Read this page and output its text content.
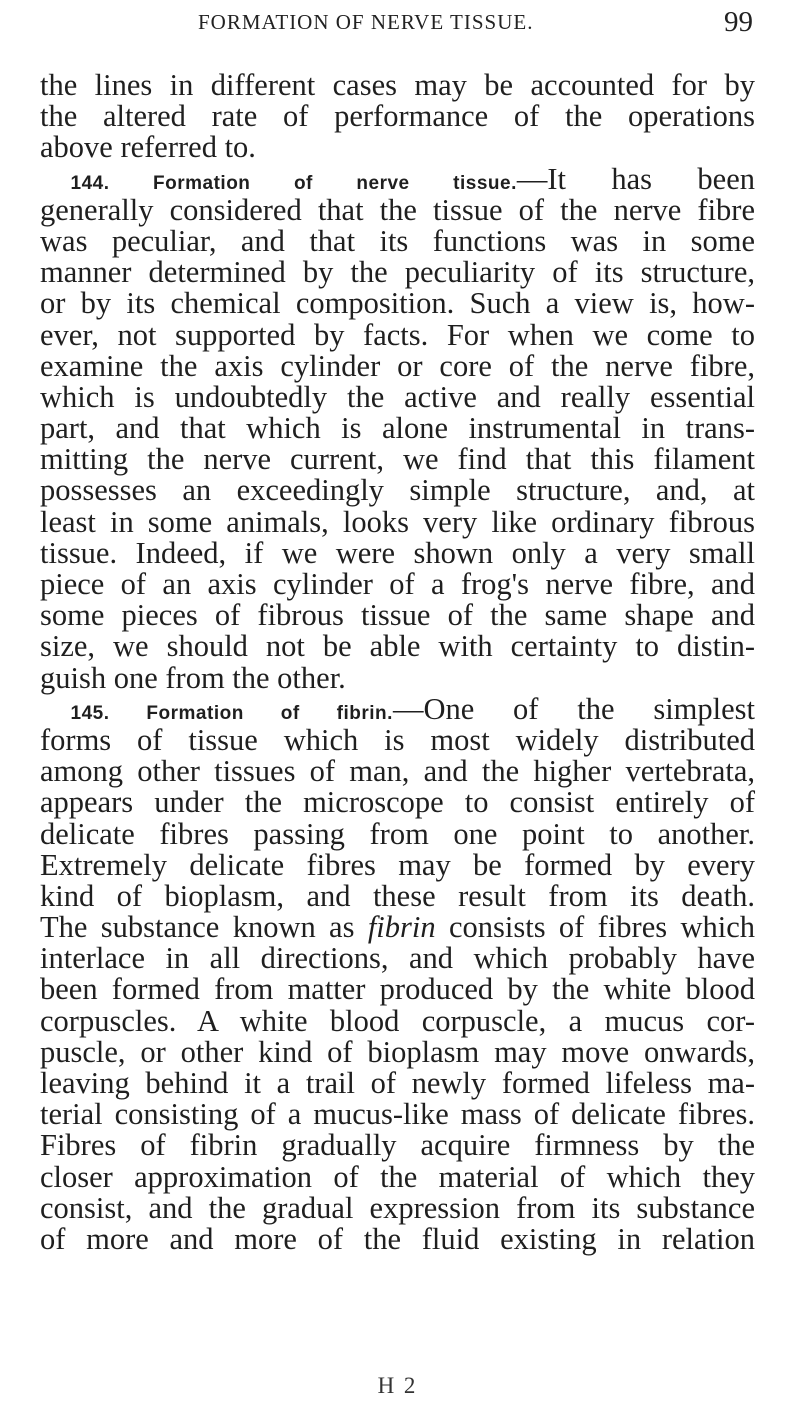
FORMATION OF NERVE TISSUE.	99
the lines in different cases may be accounted for by
the altered rate of performance of the operations
above referred to.
 144. Formation of nerve tissue.—It has been
generally considered that the tissue of the nerve fibre
was peculiar, and that its functions was in some
manner determined by the peculiarity of its structure,
or by its chemical composition. Such a view is, how-
ever, not supported by facts. For when we come to
examine the axis cylinder or core of the nerve fibre,
which is undoubtedly the active and really essential
part, and that which is alone instrumental in trans-
mitting the nerve current, we find that this filament
possesses an exceedingly simple structure, and, at
least in some animals, looks very like ordinary fibrous
tissue. Indeed, if we were shown only a very small
piece of an axis cylinder of a frog's nerve fibre, and
some pieces of fibrous tissue of the same shape and
size, we should not be able with certainty to distin-
guish one from the other.
 145. Formation of fibrin.—One of the simplest
forms of tissue which is most widely distributed
among other tissues of man, and the higher vertebrata,
appears under the microscope to consist entirely of
delicate fibres passing from one point to another.
Extremely delicate fibres may be formed by every
kind of bioplasm, and these result from its death.
The substance known as fibrin consists of fibres which
interlace in all directions, and which probably have
been formed from matter produced by the white blood
corpuscles. A white blood corpuscle, a mucus cor-
puscle, or other kind of bioplasm may move onwards,
leaving behind it a trail of newly formed lifeless ma-
terial consisting of a mucus-like mass of delicate fibres.
Fibres of fibrin gradually acquire firmness by the
closer approximation of the material of which they
consist, and the gradual expression from its substance
of more and more of the fluid existing in relation
H 2
